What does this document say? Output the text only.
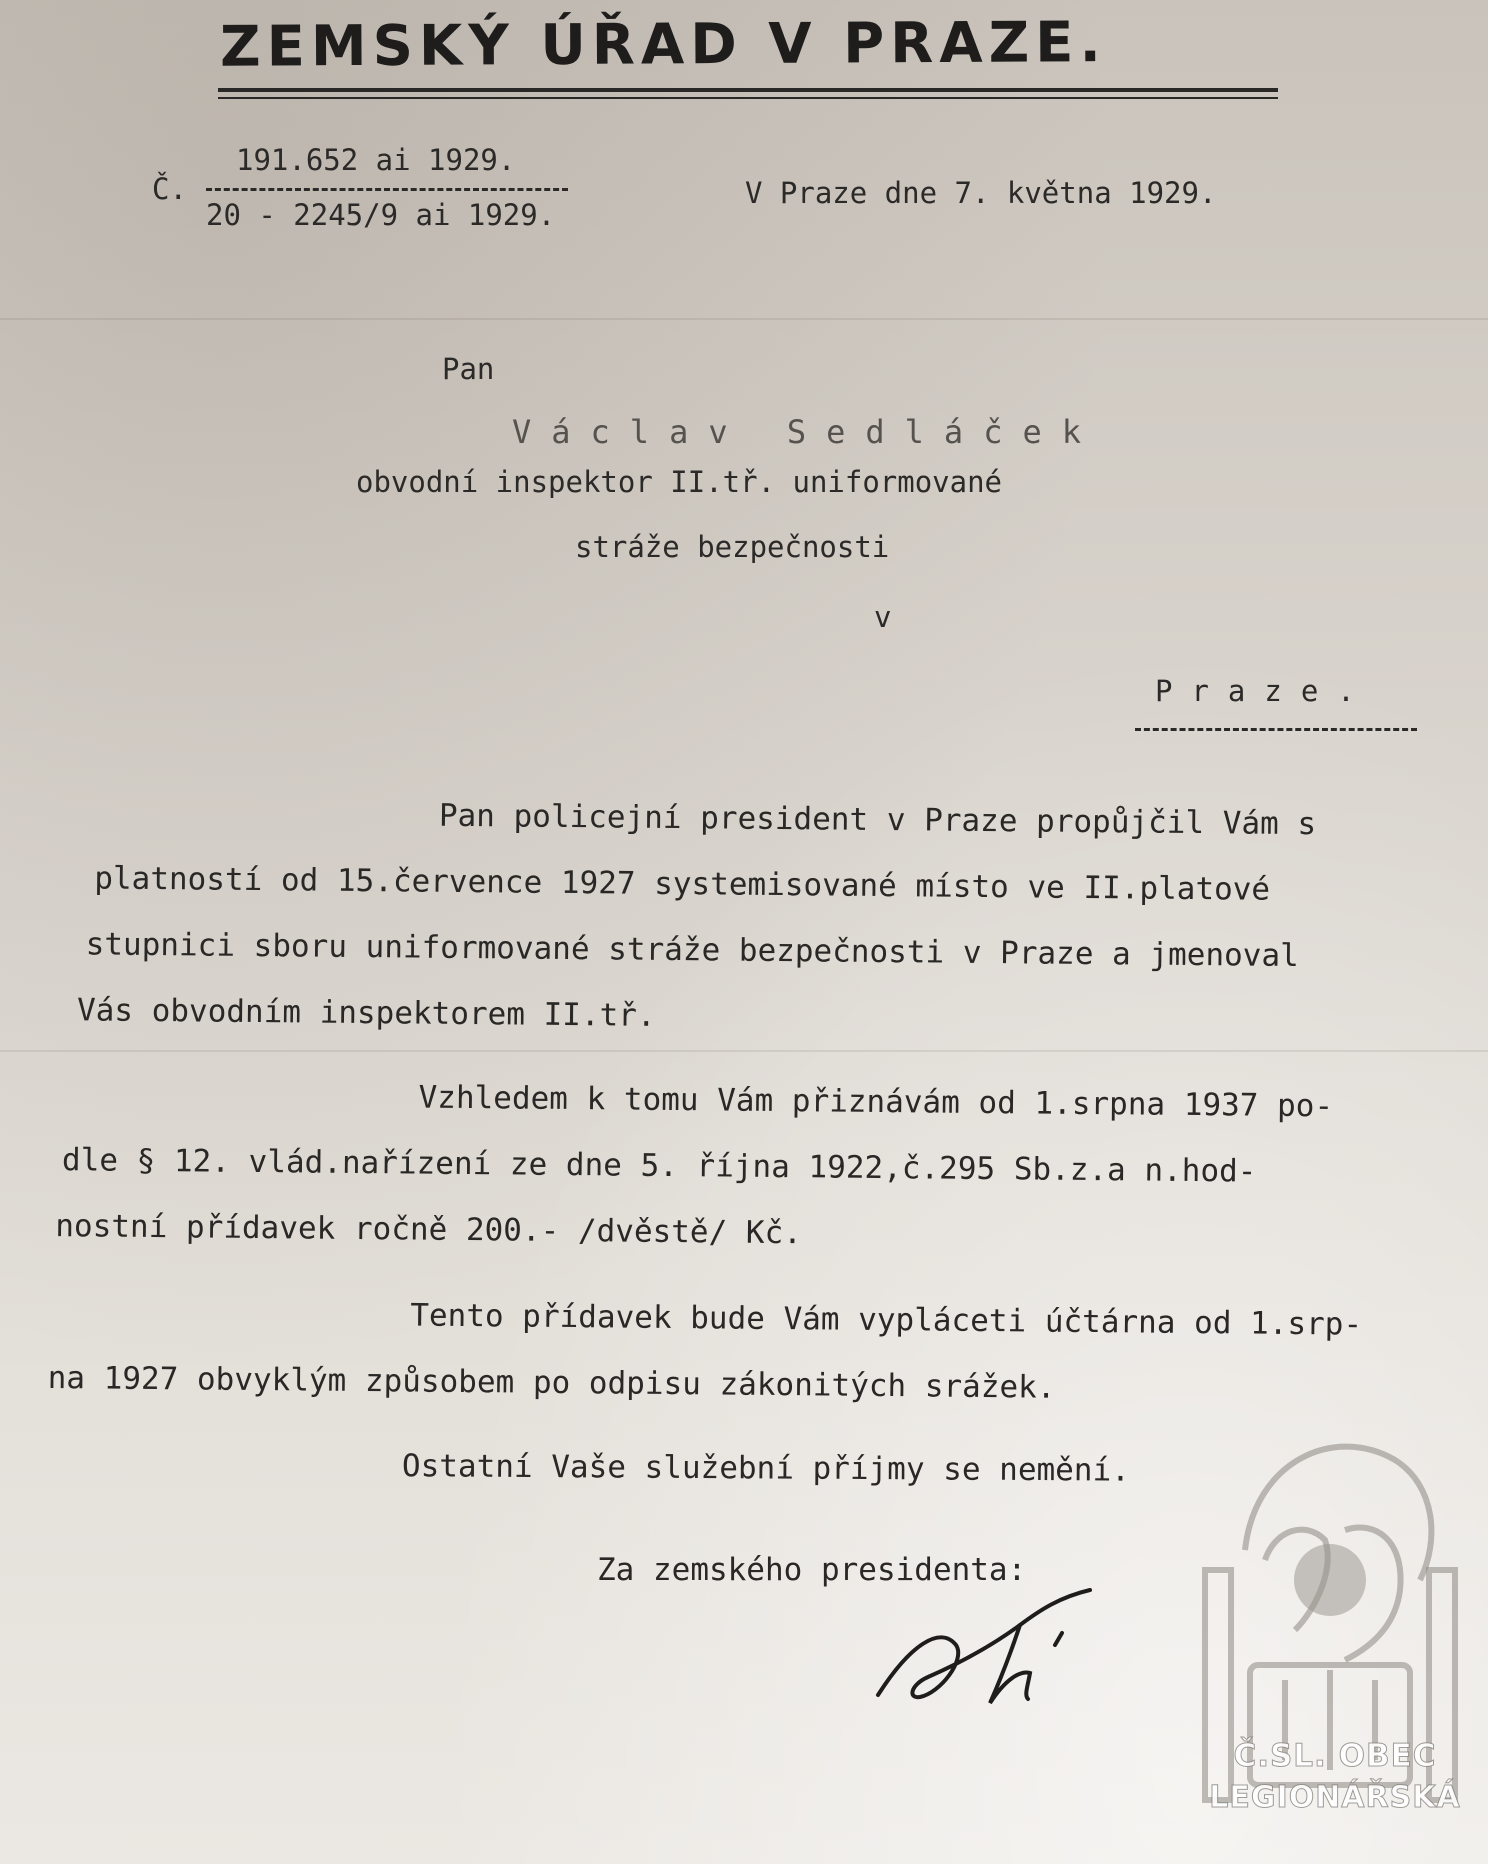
ZEMSKÝ ÚŘAD V PRAZE.
191.652 ai 1929.
Č.
20 - 2245/9 ai 1929.
V Praze dne 7. května 1929.
Pan
Václav Sedláček
obvodní inspektor II.tř. uniformované
stráže bezpečnosti
v
Praze.
Pan policejní president v Praze propůjčil Vám s
platností od 15.července 1927 systemisované místo ve II.platové
stupnici sboru uniformované stráže bezpečnosti v Praze a jmenoval
Vás obvodním inspektorem II.tř.
Vzhledem k tomu Vám přiznávám od 1.srpna 1937 po-
dle § 12. vlád.nařízení ze dne 5. října 1922,č.295 Sb.z.a n.hod-
nostní přídavek ročně 200.- /dvěstě/ Kč.
Tento přídavek bude Vám vypláceti účtárna od 1.srp-
na 1927 obvyklým způsobem po odpisu zákonitých srážek.
Ostatní Vaše služební příjmy se nemění.
Za zemského presidenta:
Č.SL. OBEC
LEGIONÁŘSKÁ
